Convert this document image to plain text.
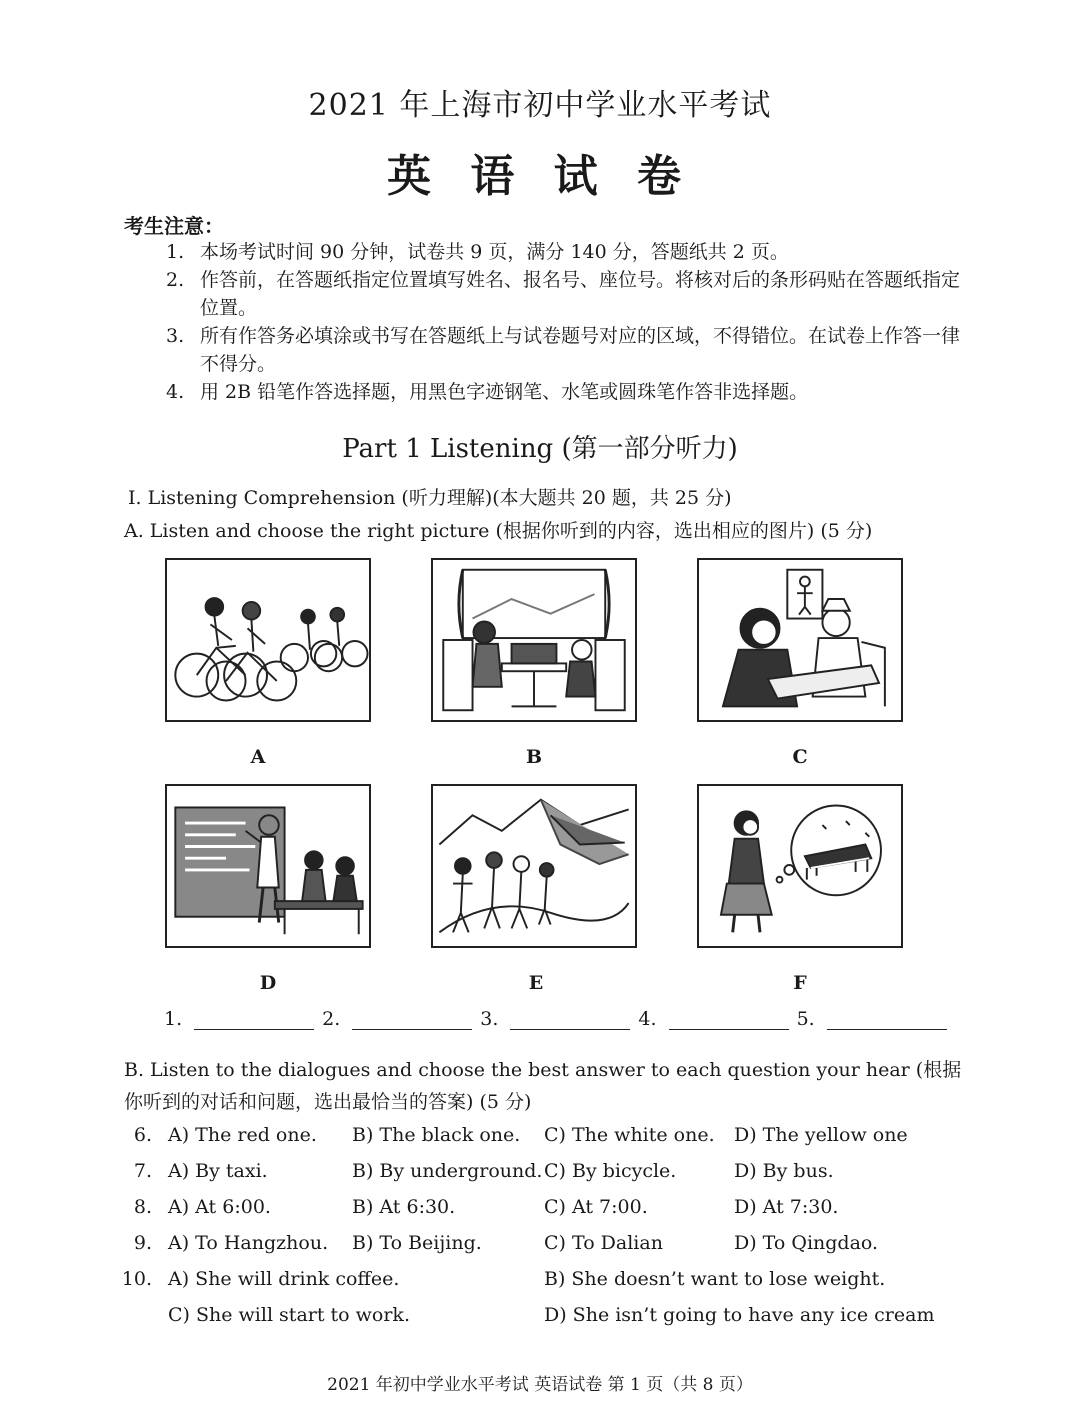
2021 年上海市初中学业水平考试
英 语 试 卷
考生注意：
1. 本场考试时间 90 分钟，试卷共 9 页，满分 140 分，答题纸共 2 页。
2. 作答前，在答题纸指定位置填写姓名、报名号、座位号。将核对后的条形码贴在答题纸指定位置。
3. 所有作答务必填涂或书写在答题纸上与试卷题号对应的区域，不得错位。在试卷上作答一律不得分。
4. 用 2B 铅笔作答选择题，用黑色字迹钢笔、水笔或圆珠笔作答非选择题。
Part 1 Listening (第一部分听力)
Ⅰ. Listening Comprehension (听力理解)(本大题共 20 题，共 25 分)
A. Listen and choose the right picture (根据你听到的内容，选出相应的图片) (5 分)
A	B	C
D	E	F
1.	2.	3.	4.	5.
B. Listen to the dialogues and choose the best answer to each question your hear (根据你听到的对话和问题，选出最恰当的答案) (5 分)
6. A) The red one. B) The black one. C) The white one. D) The yellow one
7. A) By taxi.	B) By underground. C) By bicycle.	D) By bus.
8. A) At 6:00.	B) At 6:30.	C) At 7:00.	D) At 7:30.
9. A) To Hangzhou. B) To Beijing.	C) To Dalian	D) To Qingdao.
10. A) She will drink coffee.	B) She doesn’t want to lose weight.
C) She will start to work.	D) She isn’t going to have any ice cream
2021 年初中学业水平考试 英语试卷 第 1 页（共 8 页）
